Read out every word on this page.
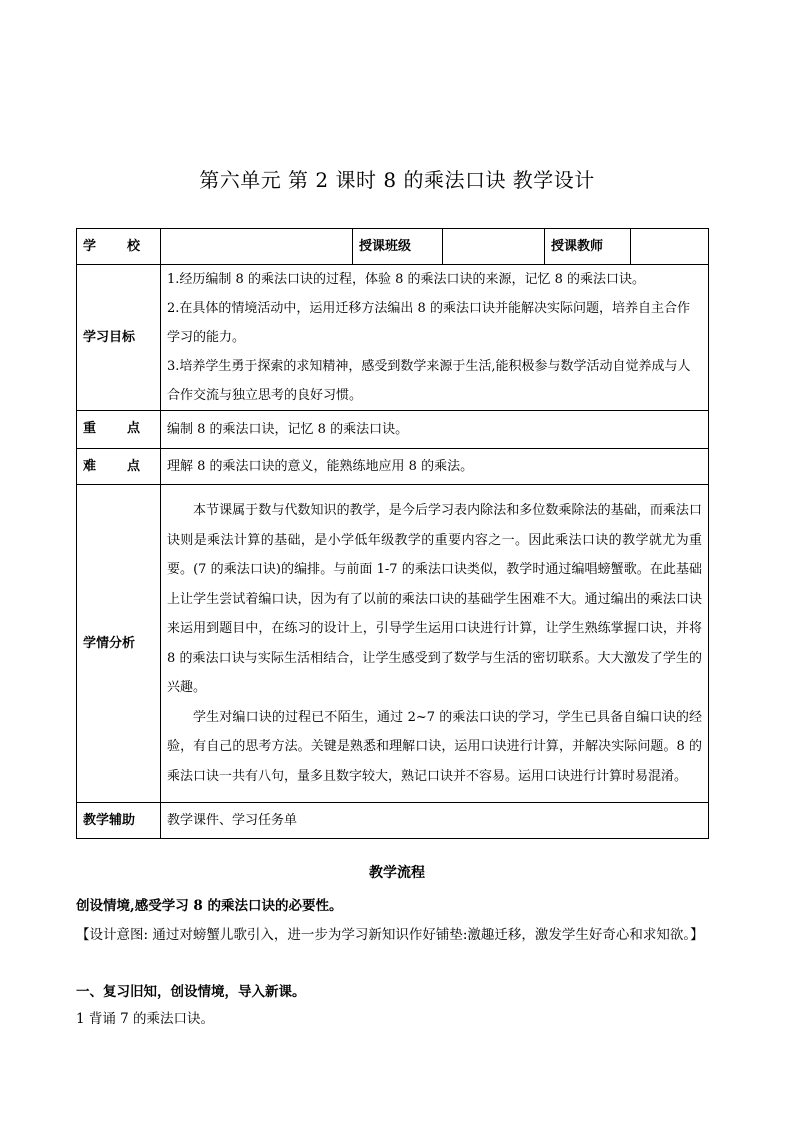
第六单元 第 2 课时 8 的乘法口诀 教学设计
学 校		授课班级		授课教师	
学习目标	1.经历编制 8 的乘法口诀的过程，体验 8 的乘法口诀的来源，记忆 8 的乘法口诀。

2.在具体的情境活动中，运用迁移方法编出 8 的乘法口诀并能解决实际问题，培养自主合作学习的能力。

3.培养学生勇于探索的求知精神，感受到数学来源于生活,能积极参与数学活动自觉养成与人合作交流与独立思考的良好习惯。				

重 点	编制 8 的乘法口诀，记忆 8 的乘法口诀。				

难 点	理解 8 的乘法口诀的意义，能熟练地应用 8 的乘法。				
学情分析	本节课属于数与代数知识的教学，是今后学习表内除法和多位数乘除法的基础，而乘法口诀则是乘法计算的基础，是小学低年级教学的重要内容之一。因此乘法口诀的教学就尤为重要。(7 的乘法口诀)的编排。与前面 1-7 的乘法口诀类似，教学时通过编唱螃蟹歌。在此基础上让学生尝试着编口诀，因为有了以前的乘法口诀的基础学生困难不大。通过编出的乘法口诀来运用到题目中，在练习的设计上，引导学生运用口诀进行计算，让学生熟练掌握口诀，并将 8 的乘法口诀与实际生活相结合，让学生感受到了数学与生活的密切联系。大大激发了学生的兴趣。

学生对编口诀的过程已不陌生，通过 2~7 的乘法口诀的学习，学生已具备自编口诀的经验，有自己的思考方法。关键是熟悉和理解口诀，运用口诀进行计算，并解决实际问题。8 的乘法口诀一共有八句，量多且数字较大，熟记口诀并不容易。运用口诀进行计算时易混淆。				

教学辅助	教学课件、学习任务单				
教学流程
创设情境,感受学习 8 的乘法口诀的必要性。
【设计意图: 通过对螃蟹儿歌引入，进一步为学习新知识作好铺垫:激趣迁移，激发学生好奇心和求知欲。】
一、复习旧知，创设情境，导入新课。
1 背诵 7 的乘法口诀。
